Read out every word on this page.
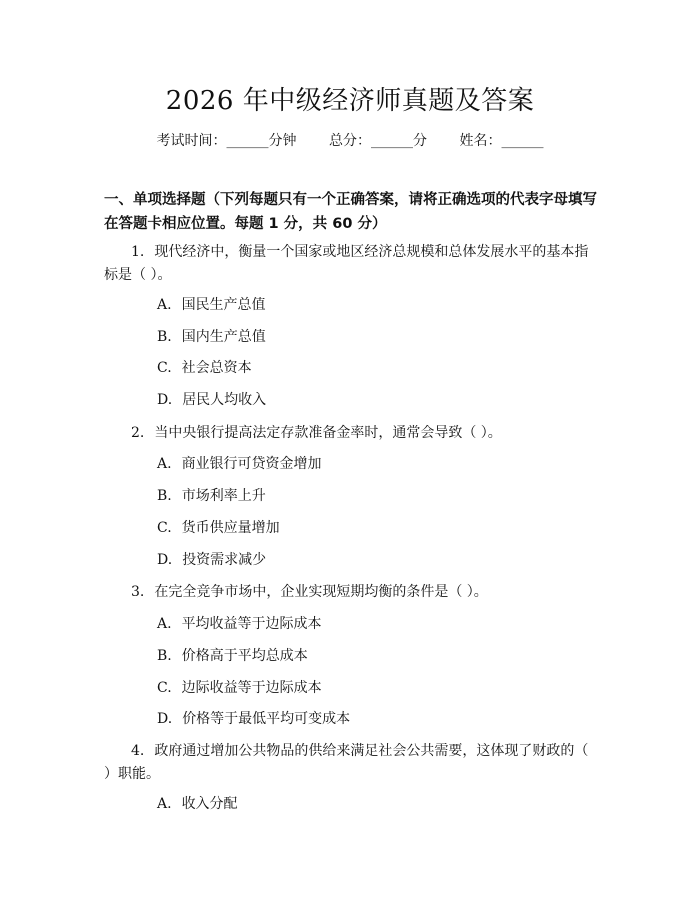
2026 年中级经济师真题及答案
考试时间：______分钟 总分：______分 姓名：______
一、单项选择题（下列每题只有一个正确答案，请将正确选项的代表字母填写在答题卡相应位置。每题 1 分，共 60 分）
1. 现代经济中，衡量一个国家或地区经济总规模和总体发展水平的基本指标是（ ）。
A. 国民生产总值
B. 国内生产总值
C. 社会总资本
D. 居民人均收入
2. 当中央银行提高法定存款准备金率时，通常会导致（ ）。
A. 商业银行可贷资金增加
B. 市场利率上升
C. 货币供应量增加
D. 投资需求减少
3. 在完全竞争市场中，企业实现短期均衡的条件是（ ）。
A. 平均收益等于边际成本
B. 价格高于平均总成本
C. 边际收益等于边际成本
D. 价格等于最低平均可变成本
4. 政府通过增加公共物品的供给来满足社会公共需要，这体现了财政的（ ）职能。
A. 收入分配
